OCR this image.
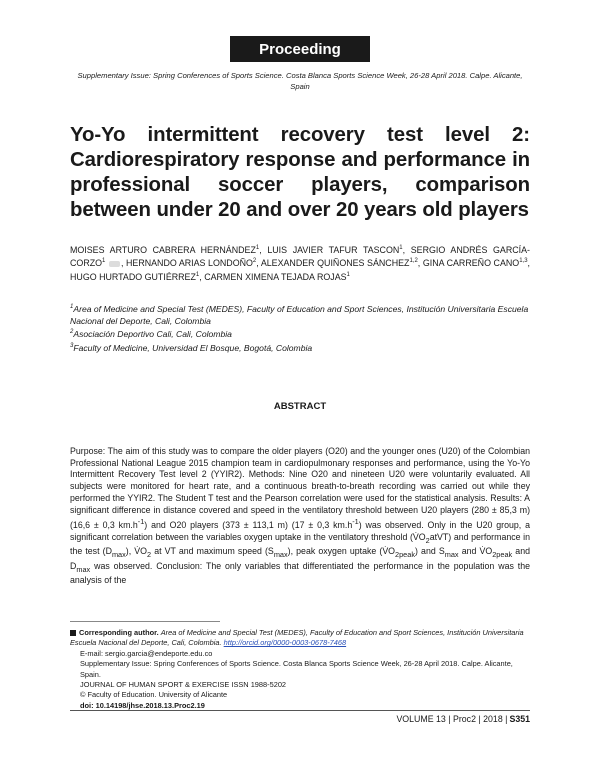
Proceeding
Supplementary Issue: Spring Conferences of Sports Science. Costa Blanca Sports Science Week, 26-28 April 2018. Calpe. Alicante, Spain
Yo-Yo intermittent recovery test level 2: Cardiorespiratory response and performance in professional soccer players, comparison between under 20 and over 20 years old players
MOISES ARTURO CABRERA HERNÁNDEZ$^1$, LUIS JAVIER TAFUR TASCON$^1$, SERGIO ANDRÉS GARCÍA-CORZO$^1$ , HERNANDO ARIAS LONDOÑO$^2$, ALEXANDER QUIÑONES SÁNCHEZ$^{1,2}$, GINA CARREÑO CANO$^{1,3}$, HUGO HURTADO GUTIÉRREZ$^1$, CARMEN XIMENA TEJADA ROJAS$^1$
$^1$Area of Medicine and Special Test (MEDES), Faculty of Education and Sport Sciences, Institución Universitaria Escuela Nacional del Deporte, Cali, Colombia
$^2$Asociación Deportivo Cali, Cali, Colombia
$^3$Faculty of Medicine, Universidad El Bosque, Bogotá, Colombia
ABSTRACT
Purpose: The aim of this study was to compare the older players (O20) and the younger ones (U20) of the Colombian Professional National League 2015 champion team in cardiopulmonary responses and performance, using the Yo-Yo Intermittent Recovery Test level 2 (YYIR2). Methods: Nine O20 and nineteen U20 were voluntarily evaluated. All subjects were monitored for heart rate, and a continuous breath-to-breath recording was carried out while they performed the YYIR2. The Student T test and the Pearson correlation were used for the statistical analysis. Results: A significant difference in distance covered and speed in the ventilatory threshold between U20 players (280 ± 85,3 m) (16,6 ± 0,3 $km.h^{-1}$) and O20 players (373 ± 113,1 m) (17 ± 0,3 $km.h^{-1}$) was observed. Only in the U20 group, a significant correlation between the variables oxygen uptake in the ventilatory threshold $(V̇O_2atVT)$ and performance in the test $(D_{max})$, $V̇O_2$ at VT and maximum speed $(S_{max})$, peak oxygen uptake $(V̇O_{2peak})$ and $S_{max}$ and $V̇O_{2peak}$ and $D_{max}$ was observed. Conclusion: The only variables that differentiated the performance in the population was the analysis of the
Corresponding author. Area of Medicine and Special Test (MEDES), Faculty of Education and Sport Sciences, Institución Universitaria Escuela Nacional del Deporte, Cali, Colombia. http://orcid.org/0000-0003-0678-7468
E-mail: sergio.garcia@endeporte.edu.co
Supplementary Issue: Spring Conferences of Sports Science. Costa Blanca Sports Science Week, 26-28 April 2018. Calpe. Alicante, Spain.
JOURNAL OF HUMAN SPORT & EXERCISE ISSN 1988-5202
© Faculty of Education. University of Alicante
doi: 10.14198/jhse.2018.13.Proc2.19
VOLUME 13 | Proc2 | 2018 | S351
